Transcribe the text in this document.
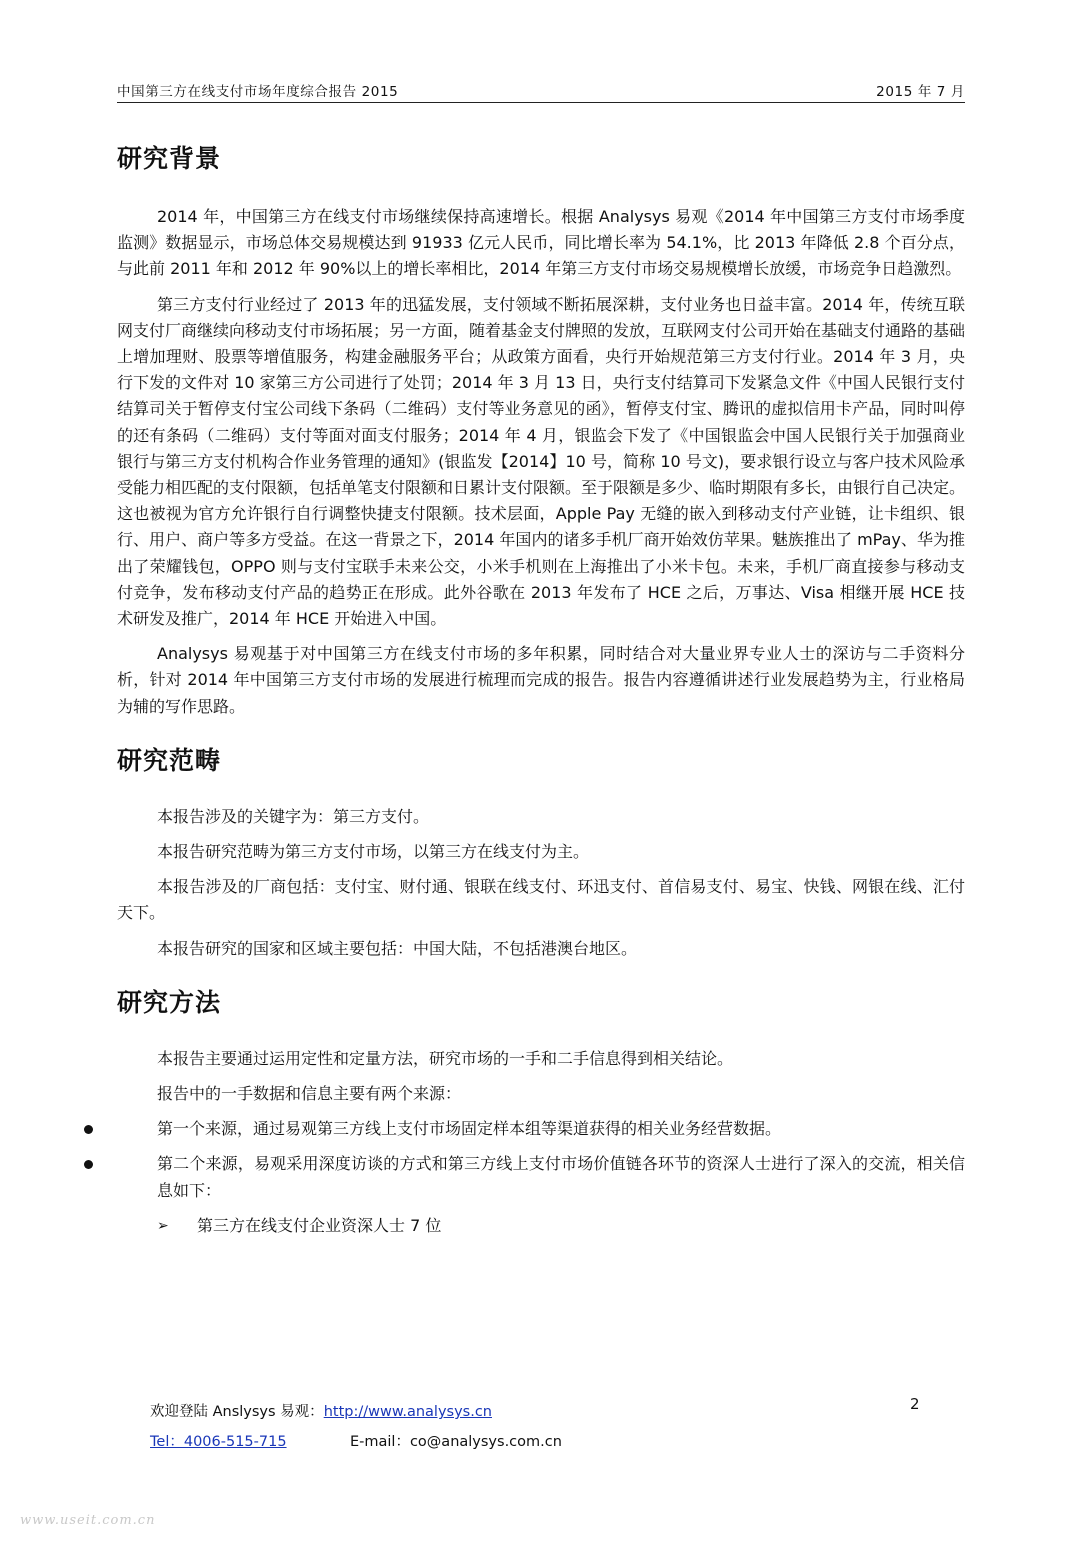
中国第三方在线支付市场年度综合报告 2015	2015 年 7 月
研究背景

2014 年，中国第三方在线支付市场继续保持高速增长。根据 Analysys 易观《2014 年中国第三方支付市场季度监测》数据显示，市场总体交易规模达到 91933 亿元人民币，同比增长率为 54.1%，比 2013 年降低 2.8 个百分点，与此前 2011 年和 2012 年 90%以上的增长率相比，2014 年第三方支付市场交易规模增长放缓，市场竞争日趋激烈。

第三方支付行业经过了 2013 年的迅猛发展，支付领域不断拓展深耕，支付业务也日益丰富。2014 年，传统互联网支付厂商继续向移动支付市场拓展；另一方面，随着基金支付牌照的发放，互联网支付公司开始在基础支付通路的基础上增加理财、股票等增值服务，构建金融服务平台；从政策方面看，央行开始规范第三方支付行业。2014 年 3 月，央行下发的文件对 10 家第三方公司进行了处罚；2014 年 3 月 13 日，央行支付结算司下发紧急文件《中国人民银行支付结算司关于暂停支付宝公司线下条码（二维码）支付等业务意见的函》，暂停支付宝、腾讯的虚拟信用卡产品，同时叫停的还有条码（二维码）支付等面对面支付服务；2014 年 4 月，银监会下发了《中国银监会中国人民银行关于加强商业银行与第三方支付机构合作业务管理的通知》(银监发【2014】10 号，简称 10 号文)，要求银行设立与客户技术风险承受能力相匹配的支付限额，包括单笔支付限额和日累计支付限额。至于限额是多少、临时期限有多长，由银行自己决定。这也被视为官方允许银行自行调整快捷支付限额。技术层面，Apple Pay 无缝的嵌入到移动支付产业链，让卡组织、银行、用户、商户等多方受益。在这一背景之下，2014 年国内的诸多手机厂商开始效仿苹果。魅族推出了 mPay、华为推出了荣耀钱包，OPPO 则与支付宝联手未来公交，小米手机则在上海推出了小米卡包。未来，手机厂商直接参与移动支付竞争，发布移动支付产品的趋势正在形成。此外谷歌在 2013 年发布了 HCE 之后，万事达、Visa 相继开展 HCE 技术研发及推广，2014 年 HCE 开始进入中国。

Analysys 易观基于对中国第三方在线支付市场的多年积累，同时结合对大量业界专业人士的深访与二手资料分析，针对 2014 年中国第三方支付市场的发展进行梳理而完成的报告。报告内容遵循讲述行业发展趋势为主，行业格局为辅的写作思路。

研究范畴

本报告涉及的关键字为：第三方支付。

本报告研究范畴为第三方支付市场，以第三方在线支付为主。

本报告涉及的厂商包括：支付宝、财付通、银联在线支付、环迅支付、首信易支付、易宝、快钱、网银在线、汇付天下。

本报告研究的国家和区域主要包括：中国大陆，不包括港澳台地区。

研究方法

本报告主要通过运用定性和定量方法，研究市场的一手和二手信息得到相关结论。

报告中的一手数据和信息主要有两个来源：

第一个来源，通过易观第三方线上支付市场固定样本组等渠道获得的相关业务经营数据。
第二个来源，易观采用深度访谈的方式和第三方线上支付市场价值链各环节的资深人士进行了深入的交流，相关信息如下：
➢ 第三方在线支付企业资深人士 7 位
2
欢迎登陆 Anslysys 易观：http://www.analysys.cn
Tel：4006-515-715	E-mail：co@analysys.com.cn
www.useit.com.cn
